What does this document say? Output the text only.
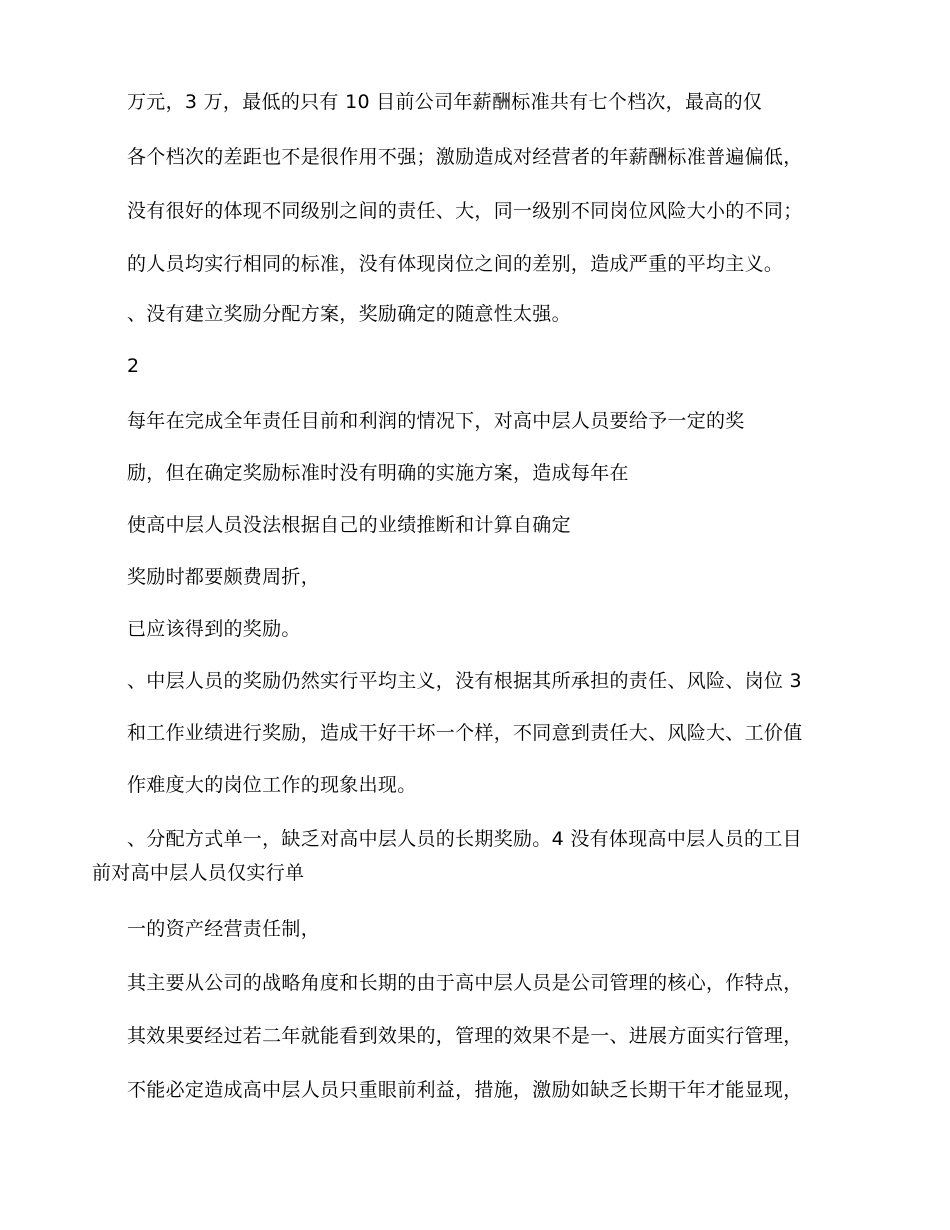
万元，3 万，最低的只有 10 目前公司年薪酬标准共有七个档次，最高的仅
各个档次的差距也不是很作用不强；激励造成对经营者的年薪酬标准普遍偏低，
没有很好的体现不同级别之间的责任、大，同一级别不同岗位风险大小的不同；
的人员均实行相同的标准，没有体现岗位之间的差别，造成严重的平均主义。
、没有建立奖励分配方案，奖励确定的随意性太强。
2
每年在完成全年责任目前和利润的情况下，对高中层人员要给予一定的奖
励，但在确定奖励标准时没有明确的实施方案，造成每年在
使高中层人员没法根据自己的业绩推断和计算自确定
奖励时都要颇费周折，
已应该得到的奖励。
、中层人员的奖励仍然实行平均主义，没有根据其所承担的责任、风险、岗位 3
和工作业绩进行奖励，造成干好干坏一个样，不同意到责任大、风险大、工价值
作难度大的岗位工作的现象出现。
、分配方式单一，缺乏对高中层人员的长期奖励。4 没有体现高中层人员的工目
前对高中层人员仅实行单
一的资产经营责任制，
其主要从公司的战略角度和长期的由于高中层人员是公司管理的核心，作特点，
其效果要经过若二年就能看到效果的，管理的效果不是一、进展方面实行管理，
不能必定造成高中层人员只重眼前利益，措施，激励如缺乏长期干年才能显现，
